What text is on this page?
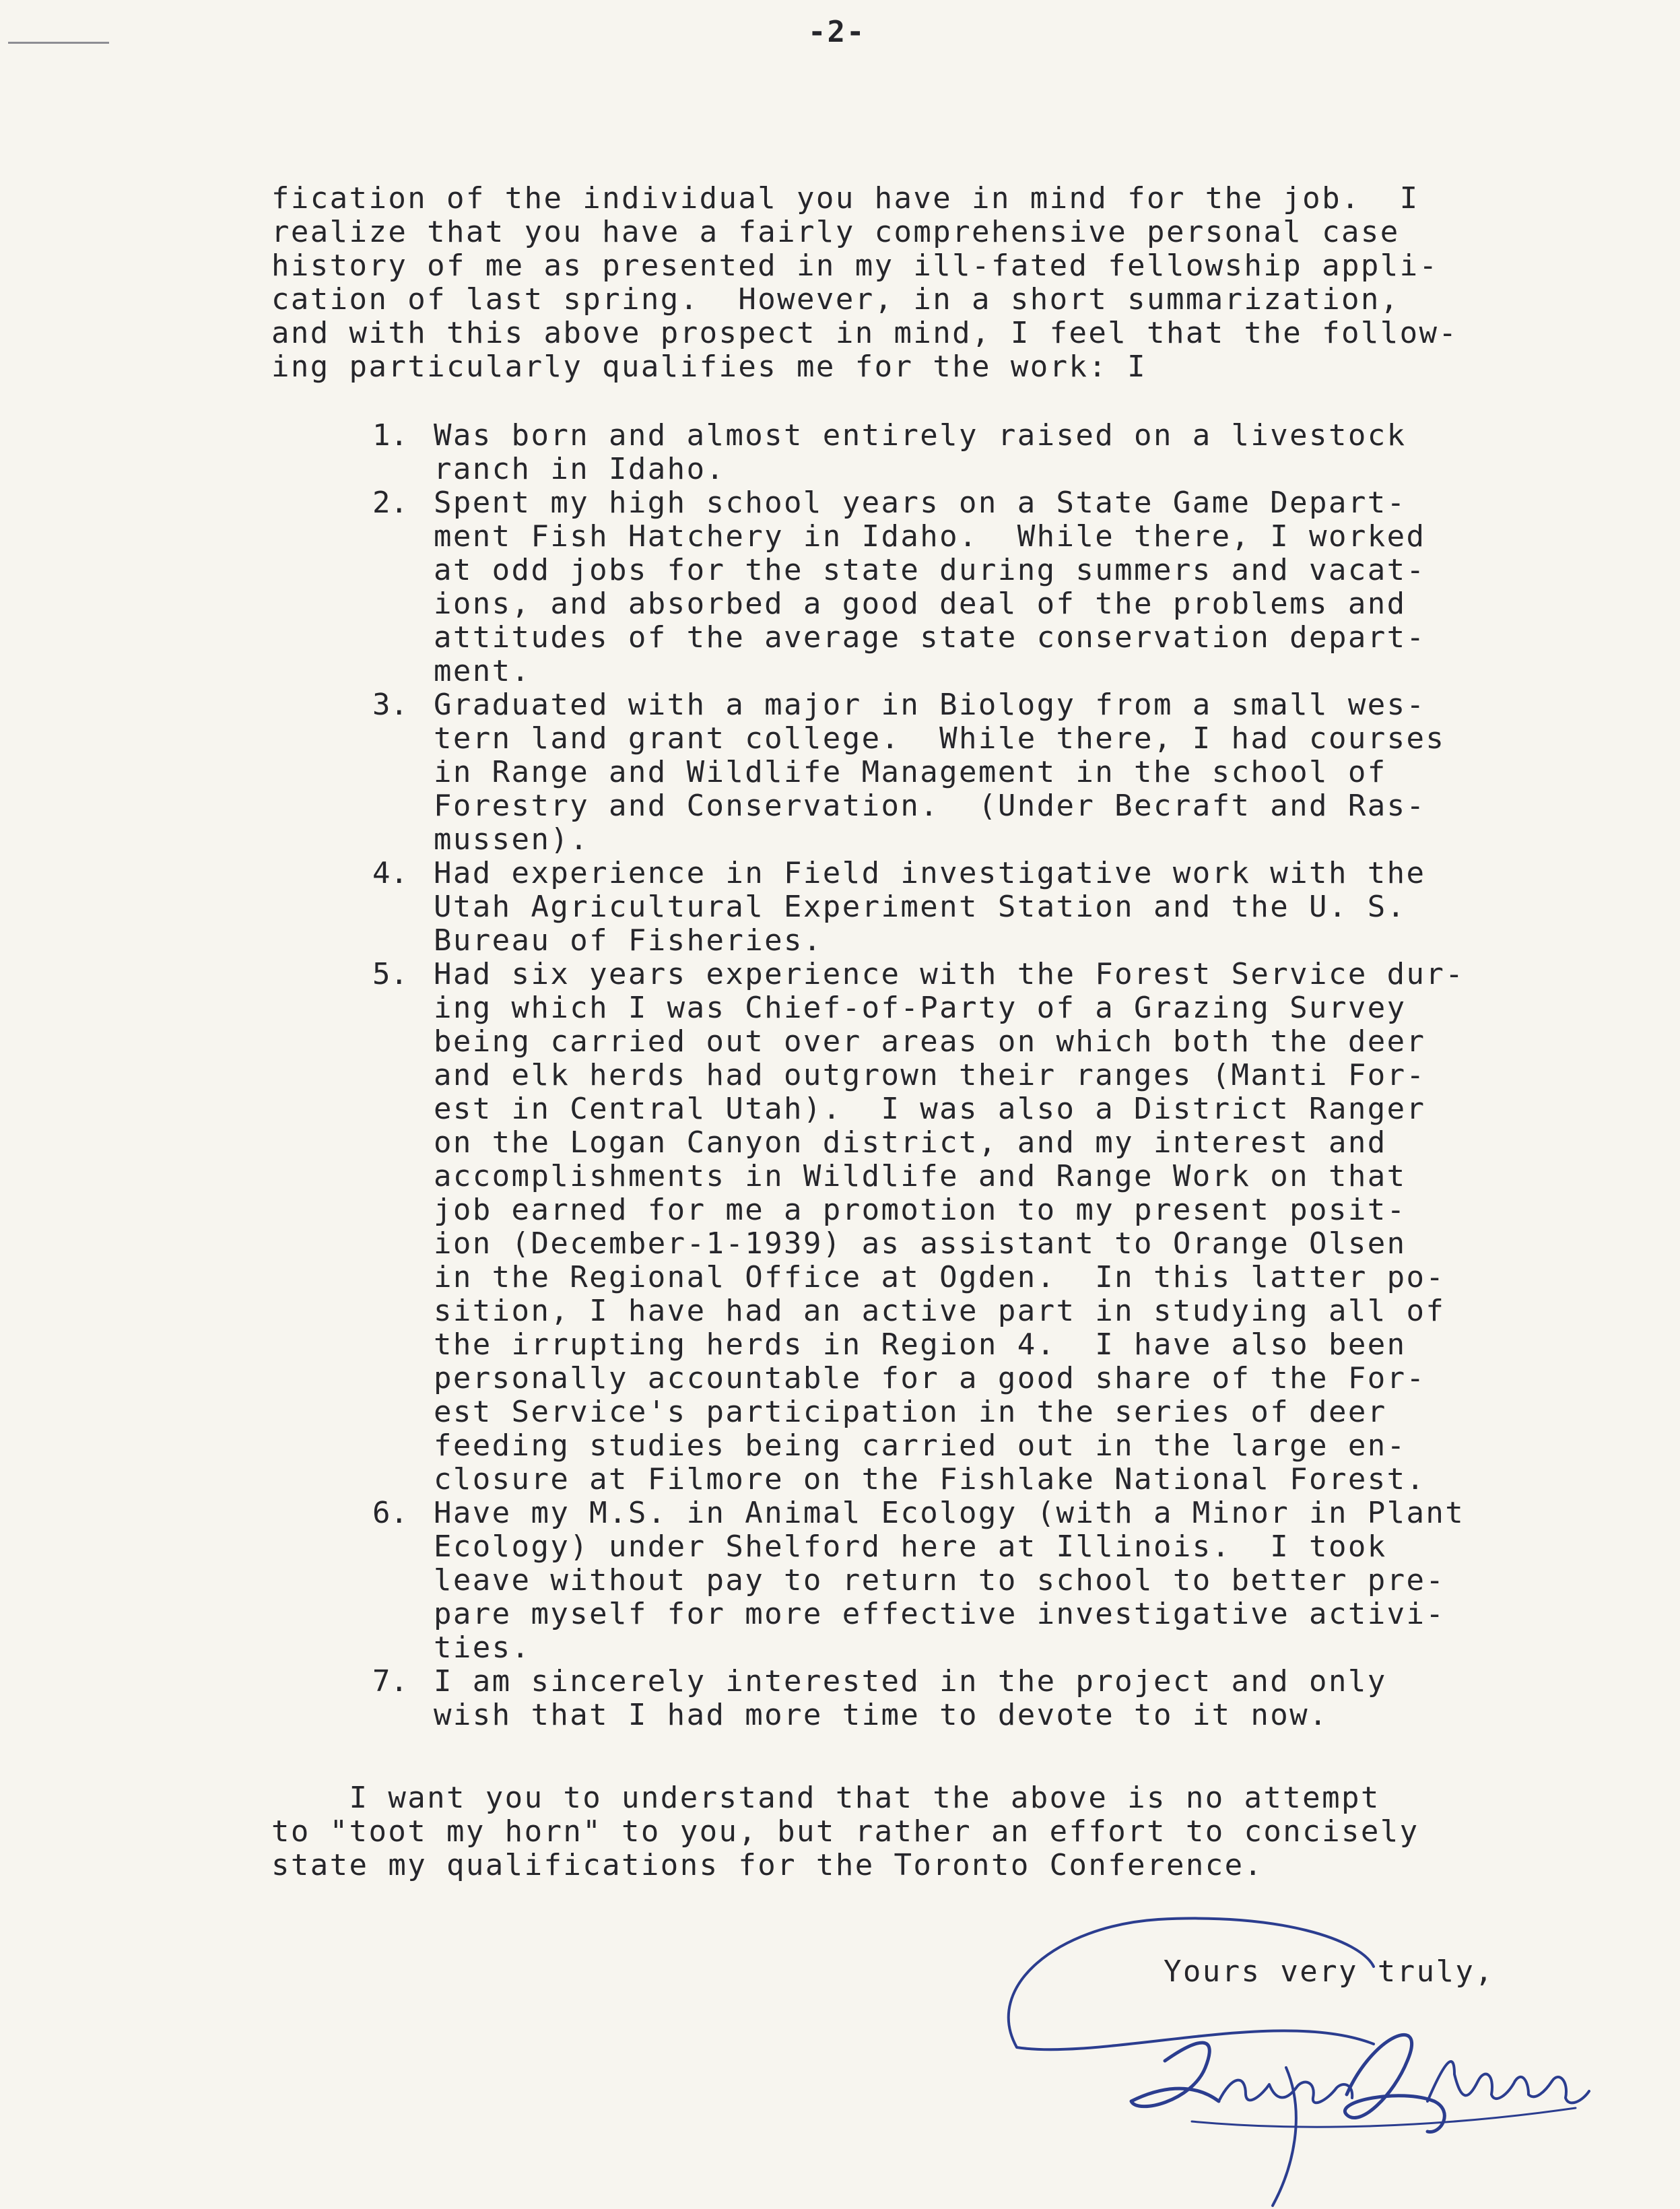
-2-
fication of the individual you have in mind for the job.  I
realize that you have a fairly comprehensive personal case
history of me as presented in my ill-fated fellowship appli-
cation of last spring.  However, in a short summarization,
and with this above prospect in mind, I feel that the follow-
ing particularly qualifies me for the work: I
1. Was born and almost entirely raised on a livestock
ranch in Idaho.
2. Spent my high school years on a State Game Depart-
ment Fish Hatchery in Idaho.  While there, I worked
at odd jobs for the state during summers and vacat-
ions, and absorbed a good deal of the problems and
attitudes of the average state conservation depart-
ment.
3. Graduated with a major in Biology from a small wes-
tern land grant college.  While there, I had courses
in Range and Wildlife Management in the school of
Forestry and Conservation.  (Under Becraft and Ras-
mussen).
4. Had experience in Field investigative work with the
Utah Agricultural Experiment Station and the U. S.
Bureau of Fisheries.
5. Had six years experience with the Forest Service dur-
ing which I was Chief-of-Party of a Grazing Survey
being carried out over areas on which both the deer
and elk herds had outgrown their ranges (Manti For-
est in Central Utah).  I was also a District Ranger
on the Logan Canyon district, and my interest and
accomplishments in Wildlife and Range Work on that
job earned for me a promotion to my present posit-
ion (December-1-1939) as assistant to Orange Olsen
in the Regional Office at Ogden.  In this latter po-
sition, I have had an active part in studying all of
the irrupting herds in Region 4.  I have also been
personally accountable for a good share of the For-
est Service's participation in the series of deer
feeding studies being carried out in the large en-
closure at Filmore on the Fishlake National Forest.
6. Have my M.S. in Animal Ecology (with a Minor in Plant
Ecology) under Shelford here at Illinois.  I took
leave without pay to return to school to better pre-
pare myself for more effective investigative activi-
ties.
7. I am sincerely interested in the project and only
wish that I had more time to devote to it now.
I want you to understand that the above is no attempt
to "toot my horn" to you, but rather an effort to concisely
state my qualifications for the Toronto Conference.
Yours very truly,
